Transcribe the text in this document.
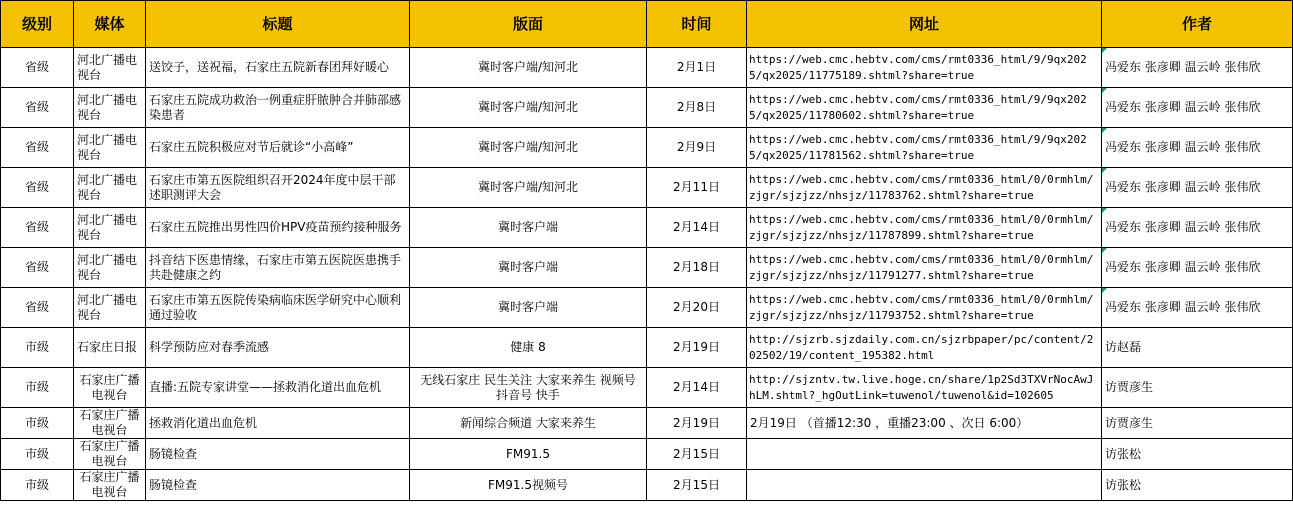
级别	媒体	标题	版面	时间	网址	作者
省级	河北广播电视台	送饺子，送祝福，石家庄五院新春团拜好暖心	冀时客户端/知河北	2月1日	https://web.cmc.hebtv.com/cms/rmt0336_html/9/9qx2025/qx2025/11775189.shtml?share=true	冯爱东 张彦卿 温云岭 张伟欣
省级	河北广播电视台	石家庄五院成功救治一例重症肝脓肿合并肺部感染患者	冀时客户端/知河北	2月8日	https://web.cmc.hebtv.com/cms/rmt0336_html/9/9qx2025/qx2025/11780602.shtml?share=true	冯爱东 张彦卿 温云岭 张伟欣
省级	河北广播电视台	石家庄五院积极应对节后就诊“小高峰”	冀时客户端/知河北	2月9日	https://web.cmc.hebtv.com/cms/rmt0336_html/9/9qx2025/qx2025/11781562.shtml?share=true	冯爱东 张彦卿 温云岭 张伟欣
省级	河北广播电视台	石家庄市第五医院组织召开2024年度中层干部述职测评大会	冀时客户端/知河北	2月11日	https://web.cmc.hebtv.com/cms/rmt0336_html/0/0rmhlm/zjgr/sjzjzz/nhsjz/11783762.shtml?share=true	冯爱东 张彦卿 温云岭 张伟欣
省级	河北广播电视台	石家庄五院推出男性四价HPV疫苗预约接种服务	冀时客户端	2月14日	https://web.cmc.hebtv.com/cms/rmt0336_html/0/0rmhlm/zjgr/sjzjzz/nhsjz/11787899.shtml?share=true	冯爱东 张彦卿 温云岭 张伟欣
省级	河北广播电视台	抖音结下医患情缘，石家庄市第五医院医患携手共赴健康之约	冀时客户端	2月18日	https://web.cmc.hebtv.com/cms/rmt0336_html/0/0rmhlm/zjgr/sjzjzz/nhsjz/11791277.shtml?share=true	冯爱东 张彦卿 温云岭 张伟欣
省级	河北广播电视台	石家庄市第五医院传染病临床医学研究中心顺利通过验收	冀时客户端	2月20日	https://web.cmc.hebtv.com/cms/rmt0336_html/0/0rmhlm/zjgr/sjzjzz/nhsjz/11793752.shtml?share=true	冯爱东 张彦卿 温云岭 张伟欣
市级	石家庄日报	科学预防应对春季流感	健康 8	2月19日	http://sjzrb.sjzdaily.com.cn/sjzrbpaper/pc/content/202502/19/content_195382.html	访赵磊
市级	石家庄广播电视台	直播:五院专家讲堂——拯救消化道出血危机	无线石家庄 民生关注 大家来养生 视频号 抖音号 快手	2月14日	http://sjzntv.tw.live.hoge.cn/share/1p2Sd3TXVrNocAwJhLM.shtml?_hgOutLink=tuwenol/tuwenol&id=102605	访贾彦生
市级	石家庄广播电视台	拯救消化道出血危机	新闻综合频道 大家来养生	2月19日	2月19日 （首播12:30 ，重播23:00 、次日 6:00）	访贾彦生
市级	石家庄广播电视台	肠镜检查	FM91.5	2月15日		访张松
市级	石家庄广播电视台	肠镜检查	FM91.5视频号	2月15日		访张松
